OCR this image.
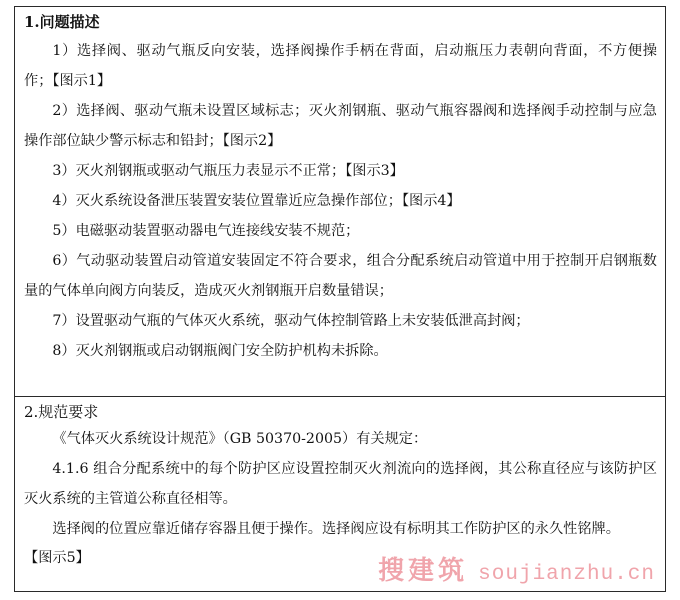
1.问题描述

1）选择阀、驱动气瓶反向安装，选择阀操作手柄在背面，启动瓶压力表朝向背面，不方便操作；【图示1】

2）选择阀、驱动气瓶未设置区域标志；灭火剂钢瓶、驱动气瓶容器阀和选择阀手动控制与应急操作部位缺少警示标志和铅封；【图示2】

3）灭火剂钢瓶或驱动气瓶压力表显示不正常；【图示3】

4）灭火系统设备泄压装置安装位置靠近应急操作部位；【图示4】

5）电磁驱动装置驱动器电气连接线安装不规范；

6）气动驱动装置启动管道安装固定不符合要求，组合分配系统启动管道中用于控制开启钢瓶数量的气体单向阀方向装反，造成灭火剂钢瓶开启数量错误；

7）设置驱动气瓶的气体灭火系统，驱动气体控制管路上未安装低泄高封阀；

8）灭火剂钢瓶或启动钢瓶阀门安全防护机构未拆除。

2.规范要求

《气体灭火系统设计规范》（GB 50370-2005）有关规定：

4.1.6 组合分配系统中的每个防护区应设置控制灭火剂流向的选择阀，其公称直径应与该防护区灭火系统的主管道公称直径相等。

选择阀的位置应靠近储存容器且便于操作。选择阀应设有标明其工作防护区的永久性铭牌。

【图示5】	搜建筑 soujianzhu.cn
